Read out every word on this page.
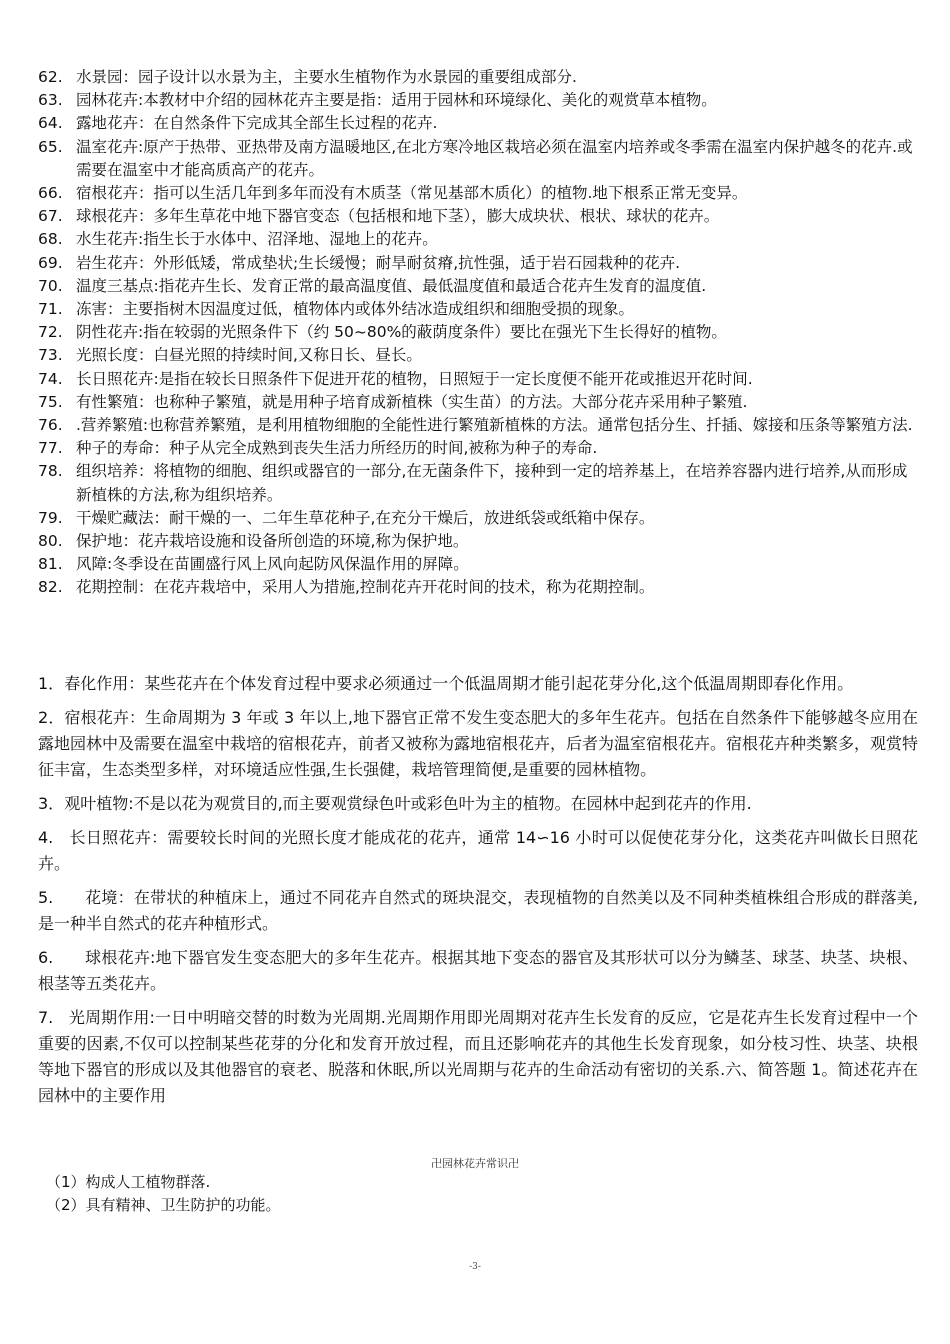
62. 水景园：园子设计以水景为主，主要水生植物作为水景园的重要组成部分.
63. 园林花卉:本教材中介绍的园林花卉主要是指：适用于园林和环境绿化、美化的观赏草本植物。
64. 露地花卉：在自然条件下完成其全部生长过程的花卉.
65. 温室花卉:原产于热带、亚热带及南方温暖地区,在北方寒冷地区栽培必须在温室内培养或冬季需在温室内保护越冬的花卉.或需要在温室中才能高质高产的花卉。
66. 宿根花卉：指可以生活几年到多年而没有木质茎（常见基部木质化）的植物.地下根系正常无变异。
67. 球根花卉：多年生草花中地下器官变态（包括根和地下茎），膨大成块状、根状、球状的花卉。
68. 水生花卉:指生长于水体中、沼泽地、湿地上的花卉。
69. 岩生花卉：外形低矮，常成垫状;生长缓慢；耐旱耐贫瘠,抗性强，适于岩石园栽种的花卉.
70. 温度三基点:指花卉生长、发育正常的最高温度值、最低温度值和最适合花卉生发育的温度值.
71. 冻害：主要指树木因温度过低，植物体内或体外结冰造成组织和细胞受损的现象。
72. 阴性花卉:指在较弱的光照条件下（约 50~80%的蔽荫度条件）要比在强光下生长得好的植物。
73. 光照长度：白昼光照的持续时间,又称日长、昼长。
74. 长日照花卉:是指在较长日照条件下促进开花的植物，日照短于一定长度便不能开花或推迟开花时间.
75. 有性繁殖：也称种子繁殖，就是用种子培育成新植株（实生苗）的方法。大部分花卉采用种子繁殖.
76. .营养繁殖:也称营养繁殖，是利用植物细胞的全能性进行繁殖新植株的方法。通常包括分生、扦插、嫁接和压条等繁殖方法.
77. 种子的寿命：种子从完全成熟到丧失生活力所经历的时间,被称为种子的寿命.
78. 组织培养：将植物的细胞、组织或器官的一部分,在无菌条件下，接种到一定的培养基上，在培养容器内进行培养,从而形成新植株的方法,称为组织培养。
79. 干燥贮藏法：耐干燥的一、二年生草花种子,在充分干燥后，放进纸袋或纸箱中保存。
80. 保护地：花卉栽培设施和设备所创造的环境,称为保护地。
81. 风障:冬季设在苗圃盛行风上风向起防风保温作用的屏障。
82. 花期控制：在花卉栽培中，采用人为措施,控制花卉开花时间的技术，称为花期控制。

1．春化作用：某些花卉在个体发育过程中要求必须通过一个低温周期才能引起花芽分化,这个低温周期即春化作用。

2．宿根花卉：生命周期为 3 年或 3 年以上,地下器官正常不发生变态肥大的多年生花卉。包括在自然条件下能够越冬应用在露地园林中及需要在温室中栽培的宿根花卉，前者又被称为露地宿根花卉，后者为温室宿根花卉。宿根花卉种类繁多，观赏特征丰富，生态类型多样，对环境适应性强,生长强健，栽培管理简便,是重要的园林植物。

3．观叶植物:不是以花为观赏目的,而主要观赏绿色叶或彩色叶为主的植物。在园林中起到花卉的作用.

4.   长日照花卉：需要较长时间的光照长度才能成花的花卉，通常 14∽16 小时可以促使花芽分化，这类花卉叫做长日照花卉。

5.      花境：在带状的种植床上，通过不同花卉自然式的斑块混交，表现植物的自然美以及不同种类植株组合形成的群落美,是一种半自然式的花卉种植形式。

6.      球根花卉:地下器官发生变态肥大的多年生花卉。根据其地下变态的器官及其形状可以分为鳞茎、球茎、块茎、块根、根茎等五类花卉。

7.   光周期作用:一日中明暗交替的时数为光周期.光周期作用即光周期对花卉生长发育的反应，它是花卉生长发育过程中一个重要的因素,不仅可以控制某些花芽的分化和发育开放过程，而且还影响花卉的其他生长发育现象，如分枝习性、块茎、块根等地下器官的形成以及其他器官的衰老、脱落和休眠,所以光周期与花卉的生命活动有密切的关系.六、简答题 1。简述花卉在园林中的主要作用

卍园林花卉常识卍
（1）构成人工植物群落.
（2）具有精神、卫生防护的功能。
-3-
